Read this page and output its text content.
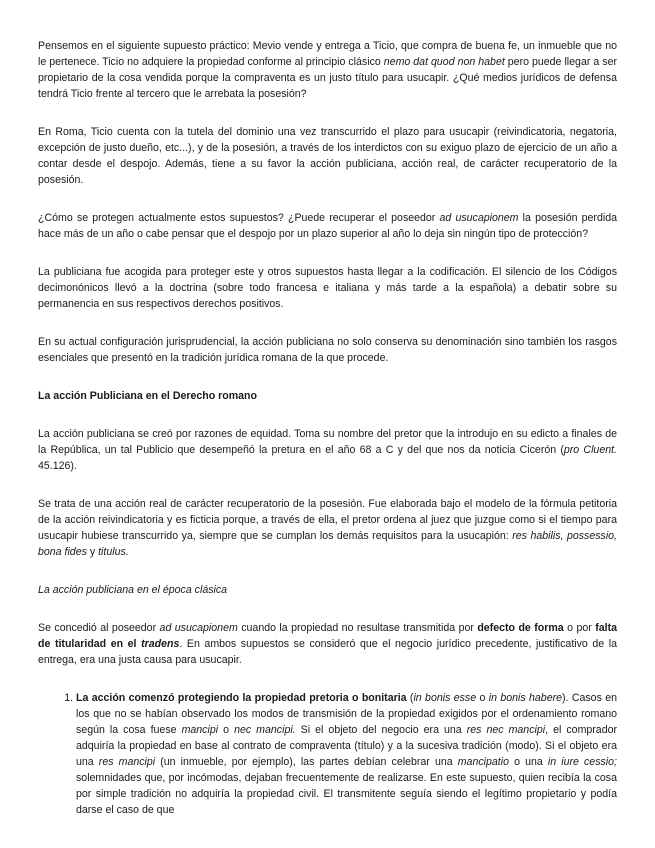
Pensemos en el siguiente supuesto práctico: Mevio vende y entrega a Ticio, que compra de buena fe, un inmueble que no le pertenece. Ticio no adquiere la propiedad conforme al principio clásico nemo dat quod non habet pero puede llegar a ser propietario de la cosa vendida porque la compraventa es un justo título para usucapir. ¿Qué medios jurídicos de defensa tendrá Ticio frente al tercero que le arrebata la posesión?

En Roma, Ticio cuenta con la tutela del dominio una vez transcurrido el plazo para usucapir (reivindicatoria, negatoria, excepción de justo dueño, etc...), y de la posesión, a través de los interdictos con su exiguo plazo de ejercicio de un año a contar desde el despojo. Además, tiene a su favor la acción publiciana, acción real, de carácter recuperatorio de la posesión.

¿Cómo se protegen actualmente estos supuestos? ¿Puede recuperar el poseedor ad usucapionem la posesión perdida hace más de un año o cabe pensar que el despojo por un plazo superior al año lo deja sin ningún tipo de protección?

La publiciana fue acogida para proteger este y otros supuestos hasta llegar a la codificación. El silencio de los Códigos decimonónicos llevó a la doctrina (sobre todo francesa e italiana y más tarde a la española) a debatir sobre su permanencia en sus respectivos derechos positivos.

En su actual configuración jurisprudencial, la acción publiciana no solo conserva su denominación sino también los rasgos esenciales que presentó en la tradición jurídica romana de la que procede.

La acción Publiciana en el Derecho romano

La acción publiciana se creó por razones de equidad. Toma su nombre del pretor que la introdujo en su edicto a finales de la República, un tal Publicio que desempeñó la pretura en el año 68 a C y del que nos da noticia Cicerón (pro Cluent. 45.126).

Se trata de una acción real de carácter recuperatorio de la posesión. Fue elaborada bajo el modelo de la fórmula petitoria de la acción reivindicatoria y es ficticia porque, a través de ella, el pretor ordena al juez que juzgue como si el tiempo para usucapir hubiese transcurrido ya, siempre que se cumplan los demás requisitos para la usucapión: res habilis, possessio, bona fides y titulus.

La acción publiciana en el época clásica

Se concedió al poseedor ad usucapionem cuando la propiedad no resultase transmitida por defecto de forma o por falta de titularidad en el tradens. En ambos supuestos se consideró que el negocio jurídico precedente, justificativo de la entrega, era una justa causa para usucapir.

1. La acción comenzó protegiendo la propiedad pretoria o bonitaria (in bonis esse o in bonis habere). Casos en los que no se habían observado los modos de transmisión de la propiedad exigidos por el ordenamiento romano según la cosa fuese mancipi o nec mancipi. Si el objeto del negocio era una res nec mancipi, el comprador adquiría la propiedad en base al contrato de compraventa (título) y a la sucesiva tradición (modo). Si el objeto era una res mancipi (un inmueble, por ejemplo), las partes debían celebrar una mancipatio o una in iure cessio; solemnidades que, por incómodas, dejaban frecuentemente de realizarse. En este supuesto, quien recibía la cosa por simple tradición no adquiría la propiedad civil. El transmitente seguía siendo el legítimo propietario y podía darse el caso de que
